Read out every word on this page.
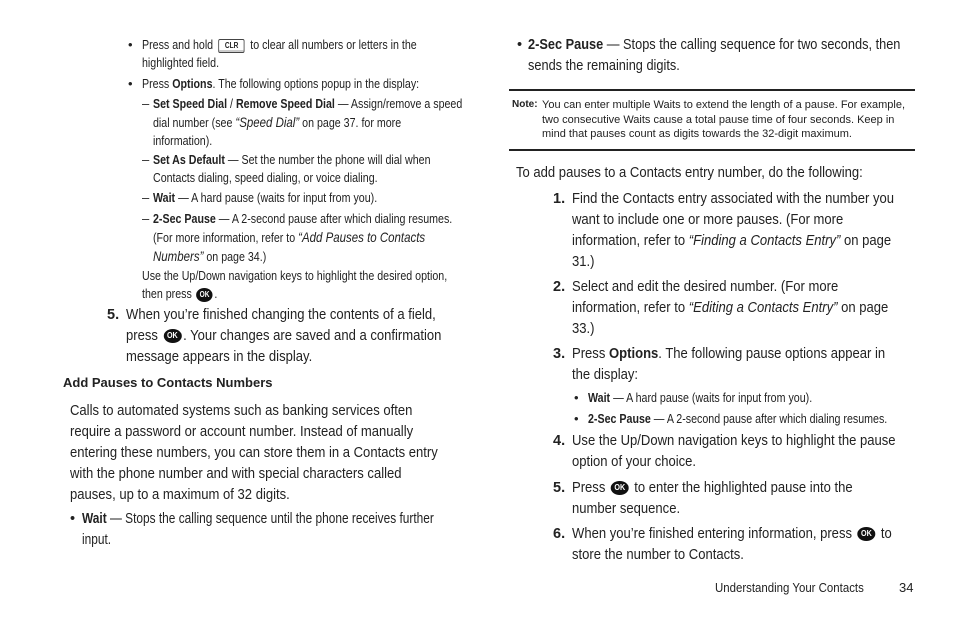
• Press and hold CLR to clear all numbers or letters in the
highlighted field.
• Press Options. The following options popup in the display:
– Set Speed Dial / Remove Speed Dial — Assign/remove a speed
dial number (see “Speed Dial” on page 37. for more
information).
– Set As Default — Set the number the phone will dial when
Contacts dialing, speed dialing, or voice dialing.
– Wait — A hard pause (waits for input from you).
– 2-Sec Pause — A 2-second pause after which dialing resumes.
(For more information, refer to “Add Pauses to Contacts
Numbers” on page 34.)
Use the Up/Down navigation keys to highlight the desired option,
then press OK .
5. When you’re finished changing the contents of a field,
press OK . Your changes are saved and a confirmation
message appears in the display.
Add Pauses to Contacts Numbers
Calls to automated systems such as banking services often
require a password or account number. Instead of manually
entering these numbers, you can store them in a Contacts entry
with the phone number and with special characters called
pauses, up to a maximum of 32 digits.
• Wait — Stops the calling sequence until the phone receives further
input.
• 2-Sec Pause — Stops the calling sequence for two seconds, then
sends the remaining digits.
Note: You can enter multiple Waits to extend the length of a pause. For example,
two consecutive Waits cause a total pause time of four seconds. Keep in
mind that pauses count as digits towards the 32-digit maximum.
To add pauses to a Contacts entry number, do the following:
1. Find the Contacts entry associated with the number you
want to include one or more pauses. (For more
information, refer to “Finding a Contacts Entry” on page
31.)
2. Select and edit the desired number. (For more
information, refer to “Editing a Contacts Entry” on page
33.)
3. Press Options. The following pause options appear in
the display:
• Wait — A hard pause (waits for input from you).
• 2-Sec Pause — A 2-second pause after which dialing resumes.
4. Use the Up/Down navigation keys to highlight the pause
option of your choice.
5. Press OK to enter the highlighted pause into the
number sequence.
6. When you’re finished entering information, press OK to
store the number to Contacts.
Understanding Your Contacts	34
